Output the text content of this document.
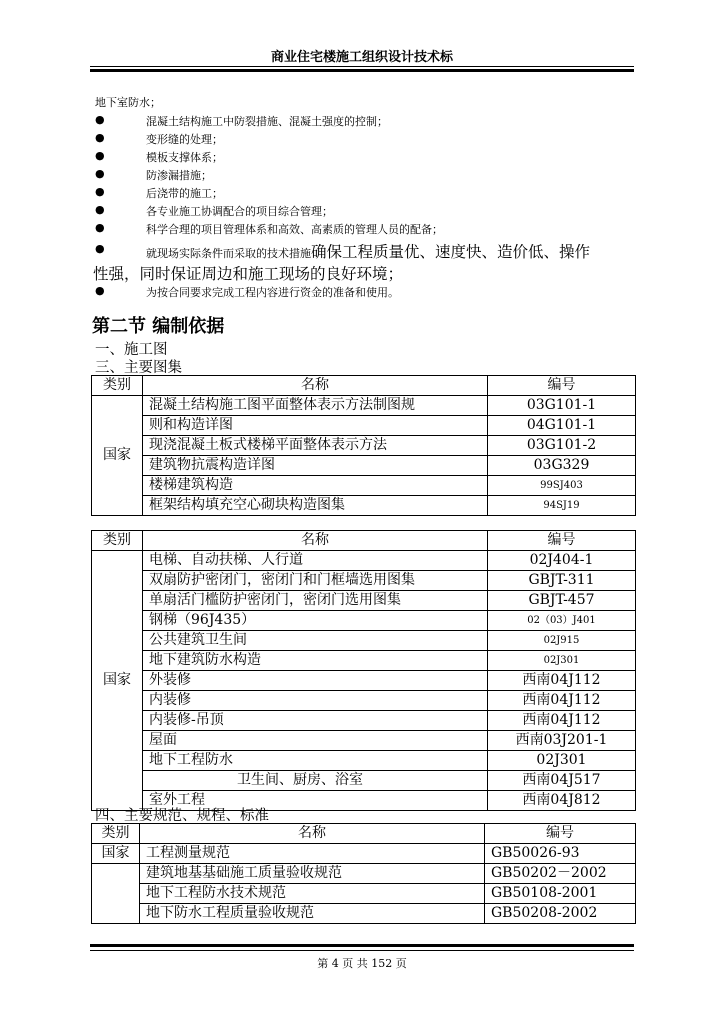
商业住宅楼施工组织设计技术标
地下室防水；
●	混凝土结构施工中防裂措施、混凝土强度的控制；
●	变形缝的处理；
●	模板支撑体系；
●	防渗漏措施；
●	后浇带的施工；
●	各专业施工协调配合的项目综合管理；
●	科学合理的项目管理体系和高效、高素质的管理人员的配备；
●	就现场实际条件而采取的技术措施确保工程质量优、速度快、造价低、操作
性强，同时保证周边和施工现场的良好环境；
●	为按合同要求完成工程内容进行资金的准备和使用。
第二节 编制依据
一、施工图
三、主要图集
类别	名称	编号
国家	混凝土结构施工图平面整体表示方法制图规	03G101-1
	则和构造详图	04G101-1
	现浇混凝土板式楼梯平面整体表示方法	03G101-2
	建筑物抗震构造详图	03G329
	楼梯建筑构造	99SJ403
	框架结构填充空心砌块构造图集	94SJ19
类别	名称	编号
国家	电梯、自动扶梯、人行道	02J404-1
	双扇防护密闭门，密闭门和门框墙选用图集	GBJT-311
	单扇活门槛防护密闭门，密闭门选用图集	GBJT-457
	钢梯（96J435）	02（03）J401
	公共建筑卫生间	02J915
	地下建筑防水构造	02J301
	外装修	西南04J112
	内装修	西南04J112
	内装修-吊顶	西南04J112
	屋面	西南03J201-1
	地下工程防水	02J301
	卫生间、厨房、浴室	西南04J517
	室外工程	西南04J812
四、主要规范、规程、标准
类别	名称	编号
国家	工程测量规范	GB50026-93
	建筑地基基础施工质量验收规范	GB50202－2002
	地下工程防水技术规范	GB50108-2001
	地下防水工程质量验收规范	GB50208-2002
第 4 页 共 152 页
